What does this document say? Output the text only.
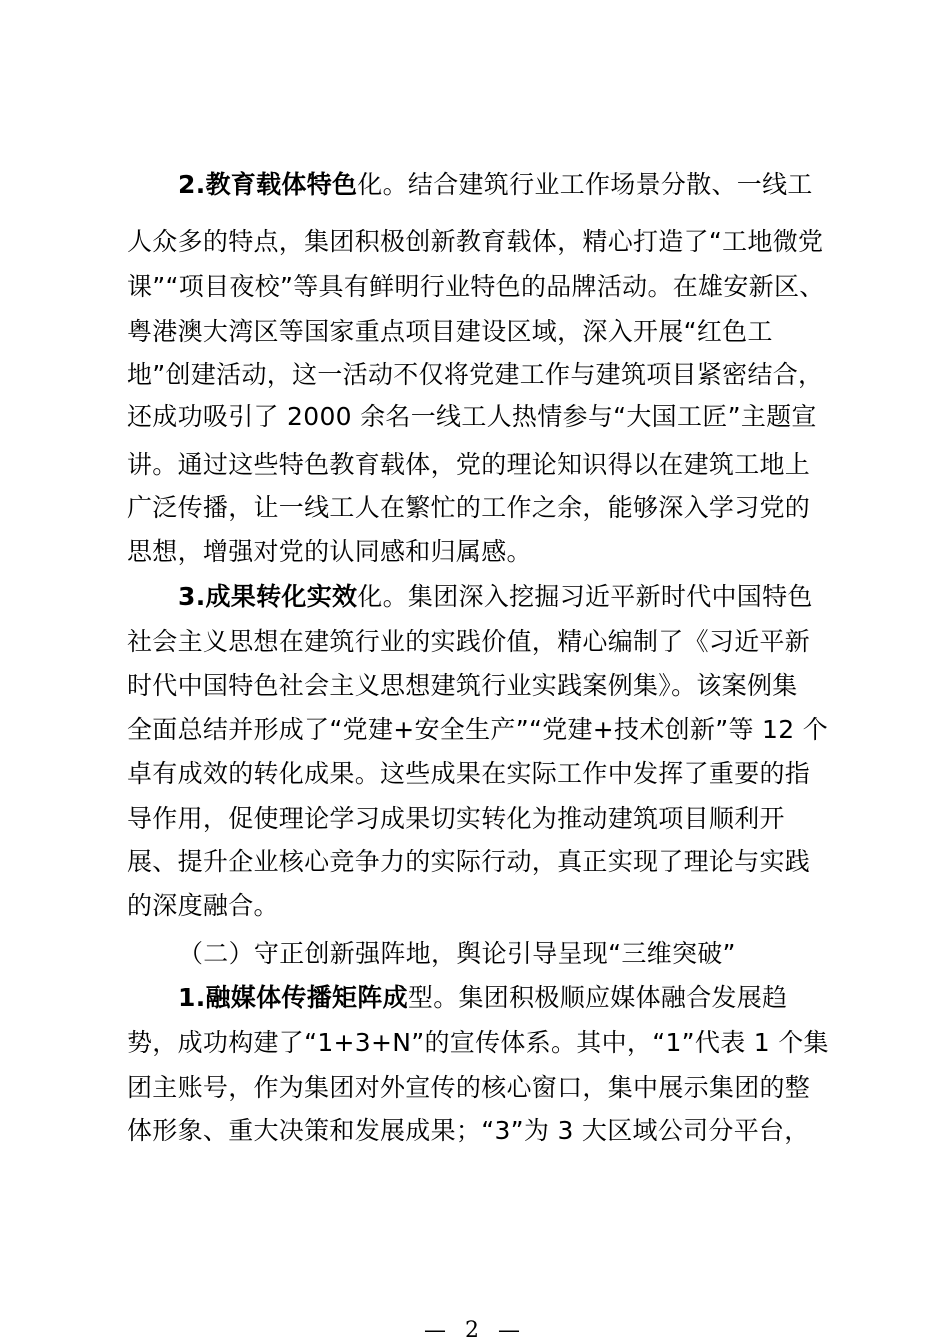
2.教育载体特色化。结合建筑行业工作场景分散、一线工
人众多的特点，集团积极创新教育载体，精心打造了“工地微党
课”“项目夜校”等具有鲜明行业特色的品牌活动。在雄安新区、
粤港澳大湾区等国家重点项目建设区域，深入开展“红色工
地”创建活动，这一活动不仅将党建工作与建筑项目紧密结合，
还成功吸引了 2000 余名一线工人热情参与“大国工匠”主题宣
讲。通过这些特色教育载体，党的理论知识得以在建筑工地上
广泛传播，让一线工人在繁忙的工作之余，能够深入学习党的
思想，增强对党的认同感和归属感。
3.成果转化实效化。集团深入挖掘习近平新时代中国特色
社会主义思想在建筑行业的实践价值，精心编制了《习近平新
时代中国特色社会主义思想建筑行业实践案例集》。该案例集
全面总结并形成了“党建+安全生产”“党建+技术创新”等 12 个
卓有成效的转化成果。这些成果在实际工作中发挥了重要的指
导作用，促使理论学习成果切实转化为推动建筑项目顺利开
展、提升企业核心竞争力的实际行动，真正实现了理论与实践
的深度融合。
（二）守正创新强阵地，舆论引导呈现“三维突破”
1.融媒体传播矩阵成型。集团积极顺应媒体融合发展趋
势，成功构建了“1+3+N”的宣传体系。其中，“1”代表 1 个集
团主账号，作为集团对外宣传的核心窗口，集中展示集团的整
体形象、重大决策和发展成果；“3”为 3 大区域公司分平台，
— 2 —
